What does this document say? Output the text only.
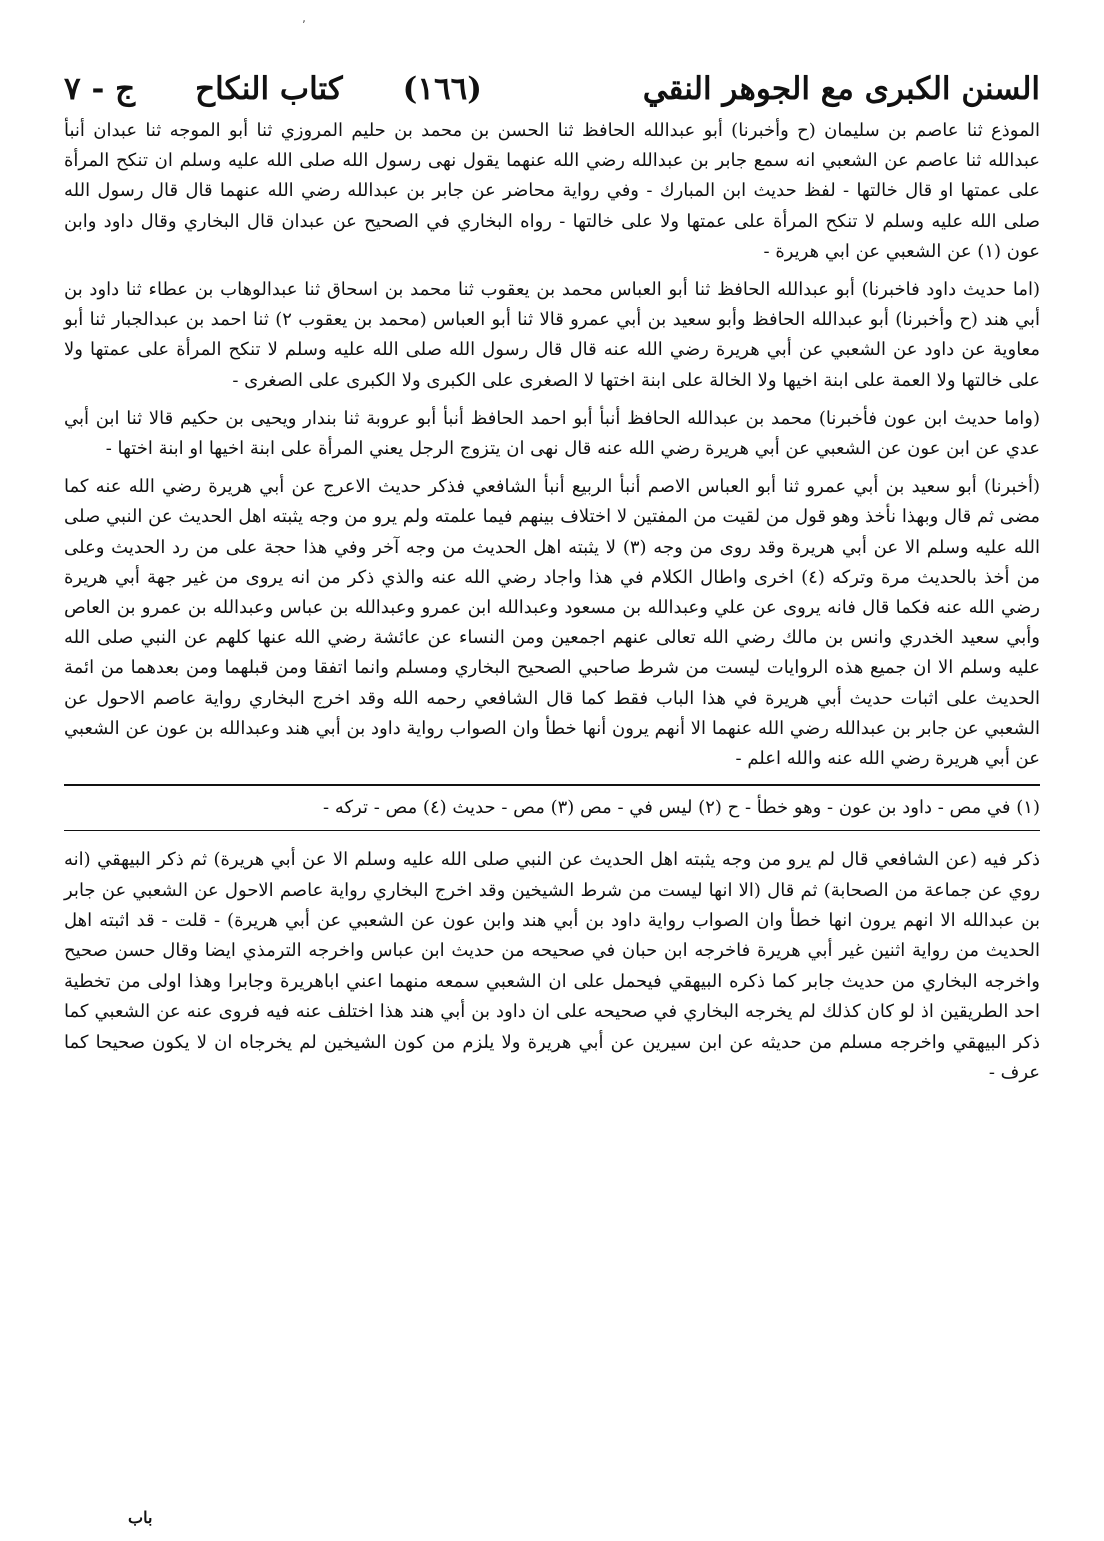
٬
السنن الكبرى مع الجوهر النقي
(١٦٦)
كتاب النكاح
ج - ٧

الموذع ثنا عاصم بن سليمان (ح وأخبرنا) أبو عبدالله الحافظ ثنا الحسن بن محمد بن حليم المروزي ثنا أبو الموجه ثنا عبدان أنبأ عبدالله ثنا عاصم عن الشعبي انه سمع جابر بن عبدالله رضي الله عنهما يقول نهى رسول الله صلى الله عليه وسلم ان تنكح المرأة على عمتها او قال خالتها - لفظ حديث ابن المبارك - وفي رواية محاضر عن جابر بن عبدالله رضي الله عنهما قال قال رسول الله صلى الله عليه وسلم لا تنكح المرأة على عمتها ولا على خالتها - رواه البخاري في الصحيح عن عبدان قال البخاري وقال داود وابن عون (١) عن الشعبي عن ابي هريرة -

(اما حديث داود فاخبرنا) أبو عبدالله الحافظ ثنا أبو العباس محمد بن يعقوب ثنا محمد بن اسحاق ثنا عبدالوهاب بن عطاء ثنا داود بن أبي هند (ح وأخبرنا) أبو عبدالله الحافظ وأبو سعيد بن أبي عمرو قالا ثنا أبو العباس (محمد بن يعقوب ٢) ثنا احمد بن عبدالجبار ثنا أبو معاوية عن داود عن الشعبي عن أبي هريرة رضي الله عنه قال قال رسول الله صلى الله عليه وسلم لا تنكح المرأة على عمتها ولا على خالتها ولا العمة على ابنة اخيها ولا الخالة على ابنة اختها لا الصغرى على الكبرى ولا الكبرى على الصغرى -

(واما حديث ابن عون فأخبرنا) محمد بن عبدالله الحافظ أنبأ أبو احمد الحافظ أنبأ أبو عروبة ثنا بندار ويحيى بن حكيم قالا ثنا ابن أبي عدي عن ابن عون عن الشعبي عن أبي هريرة رضي الله عنه قال نهى ان يتزوج الرجل يعني المرأة على ابنة اخيها او ابنة اختها -

(أخبرنا) أبو سعيد بن أبي عمرو ثنا أبو العباس الاصم أنبأ الربيع أنبأ الشافعي فذكر حديث الاعرج عن أبي هريرة رضي الله عنه كما مضى ثم قال وبهذا نأخذ وهو قول من لقيت من المفتين لا اختلاف بينهم فيما علمته ولم يرو من وجه يثبته اهل الحديث عن النبي صلى الله عليه وسلم الا عن أبي هريرة وقد روى من وجه (٣) لا يثبته اهل الحديث من وجه آخر وفي هذا حجة على من رد الحديث وعلى من أخذ بالحديث مرة وتركه (٤) اخرى واطال الكلام في هذا واجاد رضي الله عنه والذي ذكر من انه يروى من غير جهة أبي هريرة رضي الله عنه فكما قال فانه يروى عن علي وعبدالله بن مسعود وعبدالله ابن عمرو وعبدالله بن عباس وعبدالله بن عمرو بن العاص وأبي سعيد الخدري وانس بن مالك رضي الله تعالى عنهم اجمعين ومن النساء عن عائشة رضي الله عنها كلهم عن النبي صلى الله عليه وسلم الا ان جميع هذه الروايات ليست من شرط صاحبي الصحيح البخاري ومسلم وانما اتفقا ومن قبلهما ومن بعدهما من ائمة الحديث على اثبات حديث أبي هريرة في هذا الباب فقط كما قال الشافعي رحمه الله وقد اخرج البخاري رواية عاصم الاحول عن الشعبي عن جابر بن عبدالله رضي الله عنهما الا أنهم يرون أنها خطأ وان الصواب رواية داود بن أبي هند وعبدالله بن عون عن الشعبي عن أبي هريرة رضي الله عنه والله اعلم -

(١) في مص - داود بن عون - وهو خطأ - ح (٢) ليس في - مص (٣) مص - حديث (٤) مص - تركه -
ذكر فيه (عن الشافعي قال لم يرو من وجه يثبته اهل الحديث عن النبي صلى الله عليه وسلم الا عن أبي هريرة) ثم ذكر البيهقي (انه روي عن جماعة من الصحابة) ثم قال (الا انها ليست من شرط الشيخين وقد اخرج البخاري رواية عاصم الاحول عن الشعبي عن جابر بن عبدالله الا انهم يرون انها خطأ وان الصواب رواية داود بن أبي هند وابن عون عن الشعبي عن أبي هريرة) - قلت - قد اثبته اهل الحديث من رواية اثنين غير أبي هريرة فاخرجه ابن حبان في صحيحه من حديث ابن عباس واخرجه الترمذي ايضا وقال حسن صحيح واخرجه البخاري من حديث جابر كما ذكره البيهقي فيحمل على ان الشعبي سمعه منهما اعني اباهريرة وجابرا وهذا اولى من تخطية احد الطريقين اذ لو كان كذلك لم يخرجه البخاري في صحيحه على ان داود بن أبي هند هذا اختلف عنه فيه فروى عنه عن الشعبي كما ذكر البيهقي واخرجه مسلم من حديثه عن ابن سيرين عن أبي هريرة ولا يلزم من كون الشيخين لم يخرجاه ان لا يكون صحيحا كما عرف -
باب
